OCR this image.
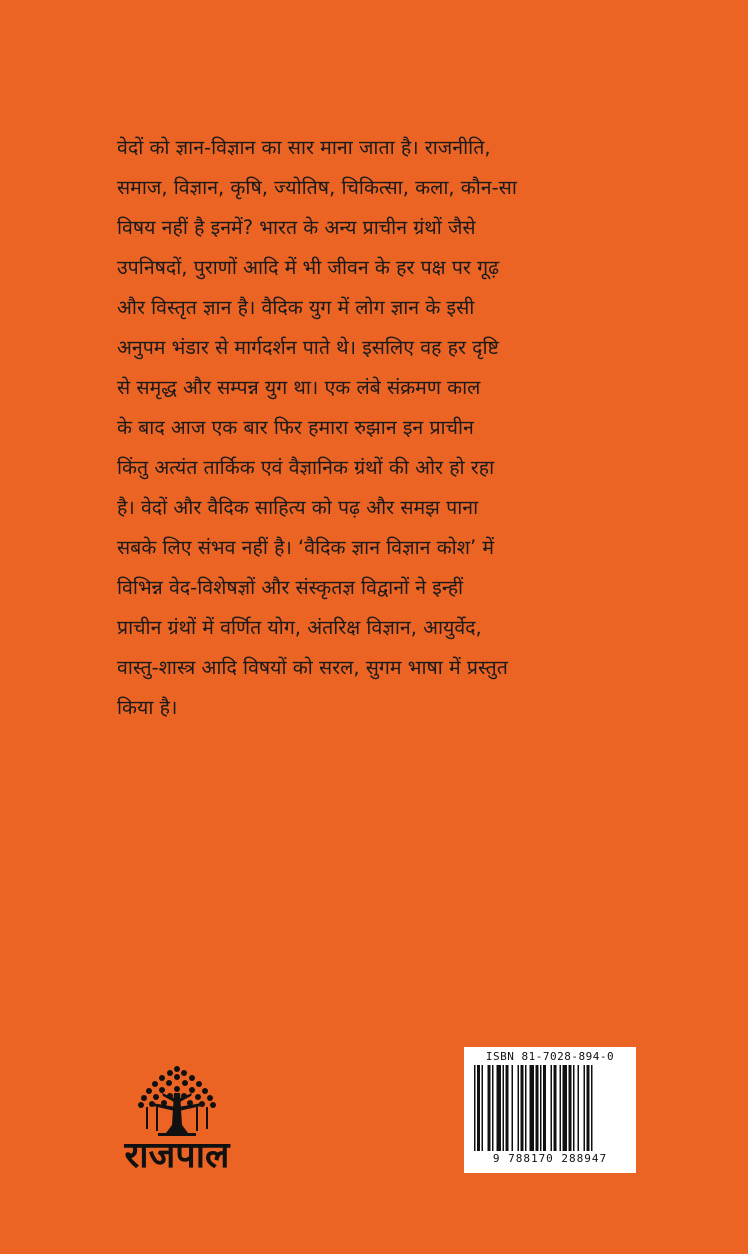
वेदों को ज्ञान-विज्ञान का सार माना जाता है। राजनीति,
समाज, विज्ञान, कृषि, ज्योतिष, चिकित्सा, कला, कौन-सा
विषय नहीं है इनमें? भारत के अन्य प्राचीन ग्रंथों जैसे
उपनिषदों, पुराणों आदि में भी जीवन के हर पक्ष पर गूढ़
और विस्तृत ज्ञान है। वैदिक युग में लोग ज्ञान के इसी
अनुपम भंडार से मार्गदर्शन पाते थे। इसलिए वह हर दृष्टि
से समृद्ध और सम्पन्न युग था। एक लंबे संक्रमण काल
के बाद आज एक बार फिर हमारा रुझान इन प्राचीन
किंतु अत्यंत तार्किक एवं वैज्ञानिक ग्रंथों की ओर हो रहा
है। वेदों और वैदिक साहित्य को पढ़ और समझ पाना
सबके लिए संभव नहीं है। ‘वैदिक ज्ञान विज्ञान कोश’ में
विभिन्न वेद-विशेषज्ञों और संस्कृतज्ञ विद्वानों ने इन्हीं
प्राचीन ग्रंथों में वर्णित योग, अंतरिक्ष विज्ञान, आयुर्वेद,
वास्तु-शास्त्र आदि विषयों को सरल, सुगम भाषा में प्रस्तुत
किया है।
राजपाल
ISBN 81-7028-894-0
9 788170 288947
